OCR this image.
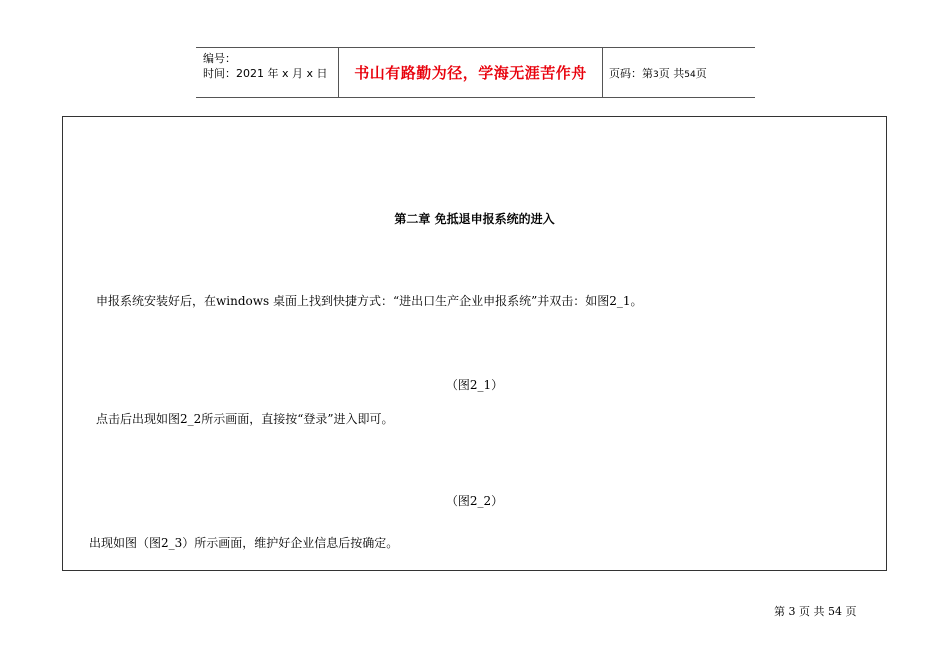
编号：
时间：2021 年 x 月 x 日	书山有路勤为径，学海无涯苦作舟	页码：第3页 共54页
第二章 免抵退申报系统的进入
申报系统安装好后，在windows 桌面上找到快捷方式：“进出口生产企业申报系统”并双击：如图2_1。
（图2_1）
点击后出现如图2_2所示画面，直接按“登录”进入即可。
（图2_2）
出现如图（图2_3）所示画面，维护好企业信息后按确定。
第 3 页 共 54 页
